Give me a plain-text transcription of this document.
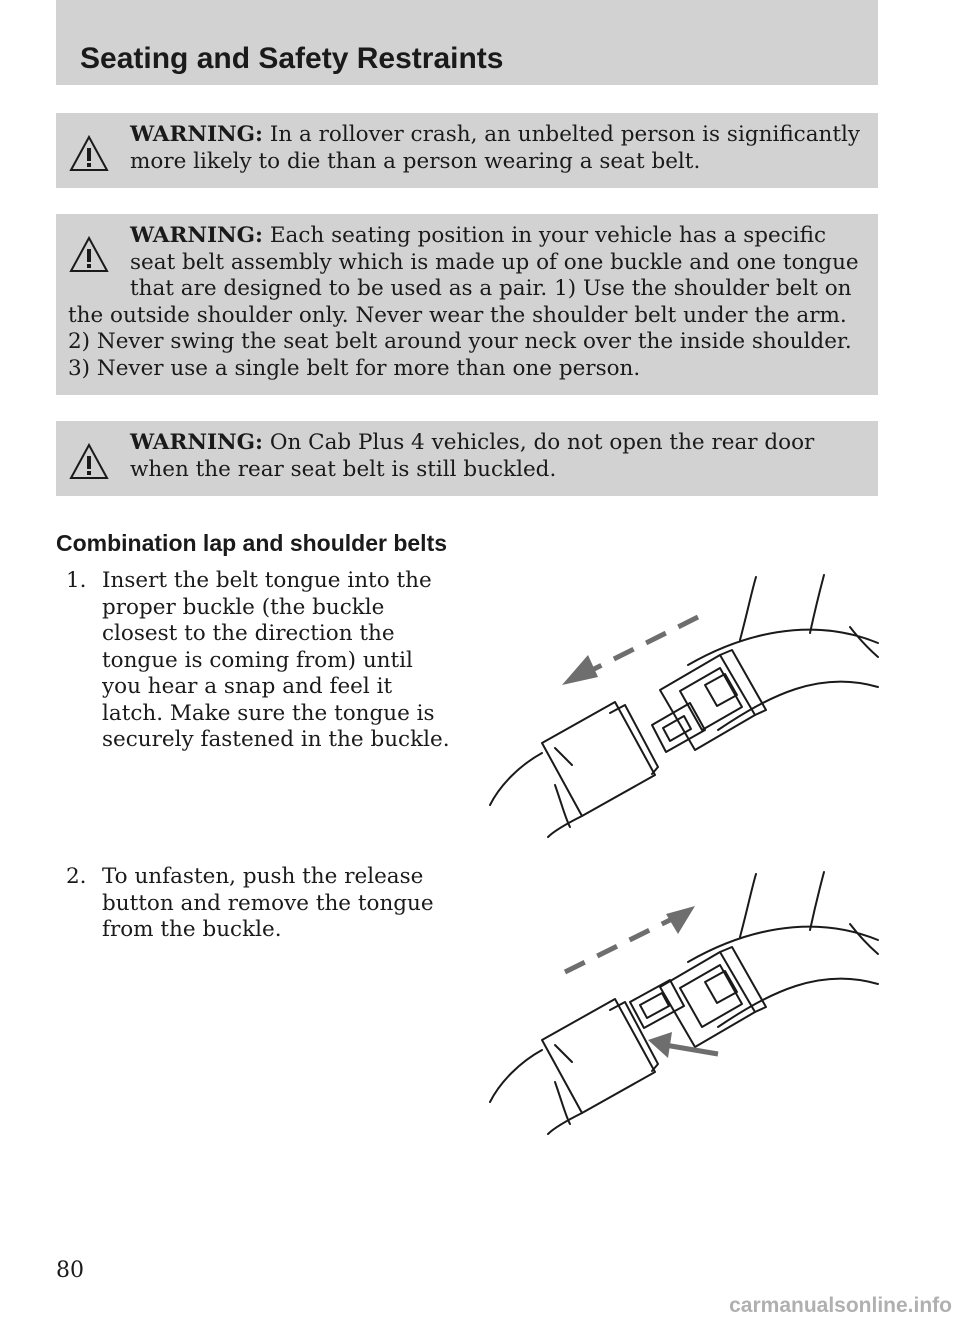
Seating and Safety Restraints
WARNING: In a rollover crash, an unbelted person is significantly more likely to die than a person wearing a seat belt.
WARNING: Each seating position in your vehicle has a specific seat belt assembly which is made up of one buckle and one tongue that are designed to be used as a pair. 1) Use the shoulder belt on the outside shoulder only. Never wear the shoulder belt under the arm. 2) Never swing the seat belt around your neck over the inside shoulder. 3) Never use a single belt for more than one person.
WARNING: On Cab Plus 4 vehicles, do not open the rear door when the rear seat belt is still buckled.
Combination lap and shoulder belts
1. Insert the belt tongue into the proper buckle (the buckle closest to the direction the tongue is coming from) until you hear a snap and feel it latch. Make sure the tongue is securely fastened in the buckle.
2. To unfasten, push the release button and remove the tongue from the buckle.
80
carmanualsonline.info
